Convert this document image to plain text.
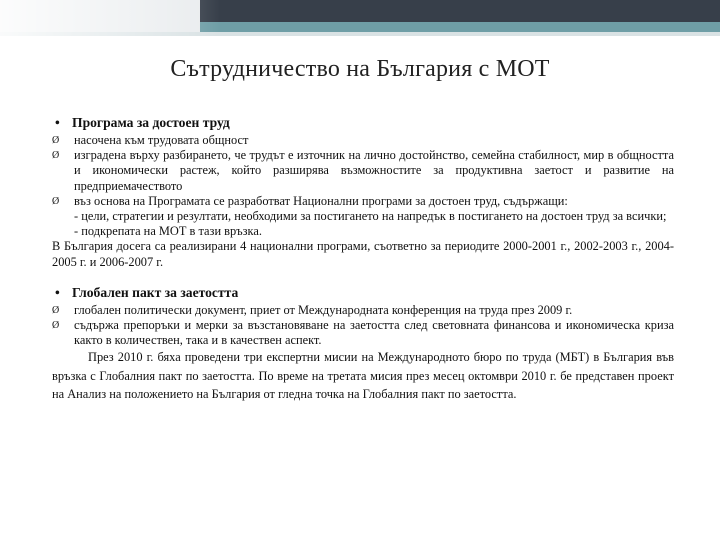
Сътрудничество на България с МОТ
• Програма за достоен труд
Ø насочена към трудовата общност
Ø изградена върху разбирането, че трудът е източник на лично достойнство, семейна стабилност, мир в общността и икономически растеж, който разширява възможностите за продуктивна заетост и развитие на предприемачеството
Ø въз основа на Програмата се разработват Национални програми за достоен труд, съдържащи:
- цели, стратегии и резултати, необходими за постигането на напредък в постигането на достоен труд за всички;
- подкрепата на МОТ в тази връзка.
В България досега са реализирани 4 национални програми, съответно за периодите 2000-2001 г., 2002-2003 г., 2004-2005 г. и 2006-2007 г.
• Глобален пакт за заетостта
Ø глобален политически документ, приет от Международната конференция на труда през 2009 г.
Ø съдържа препоръки и мерки за възстановяване на заетостта след световната финансова и икономическа криза както в количествен, така и в качествен аспект.
През 2010 г. бяха проведени три експертни мисии на Международното бюро по труда (МБТ) в България във връзка с Глобалния пакт по заетостта. По време на третата мисия през месец октомври 2010 г. бе представен проект на Анализ на положението на България от гледна точка на Глобалния пакт по заетостта.
